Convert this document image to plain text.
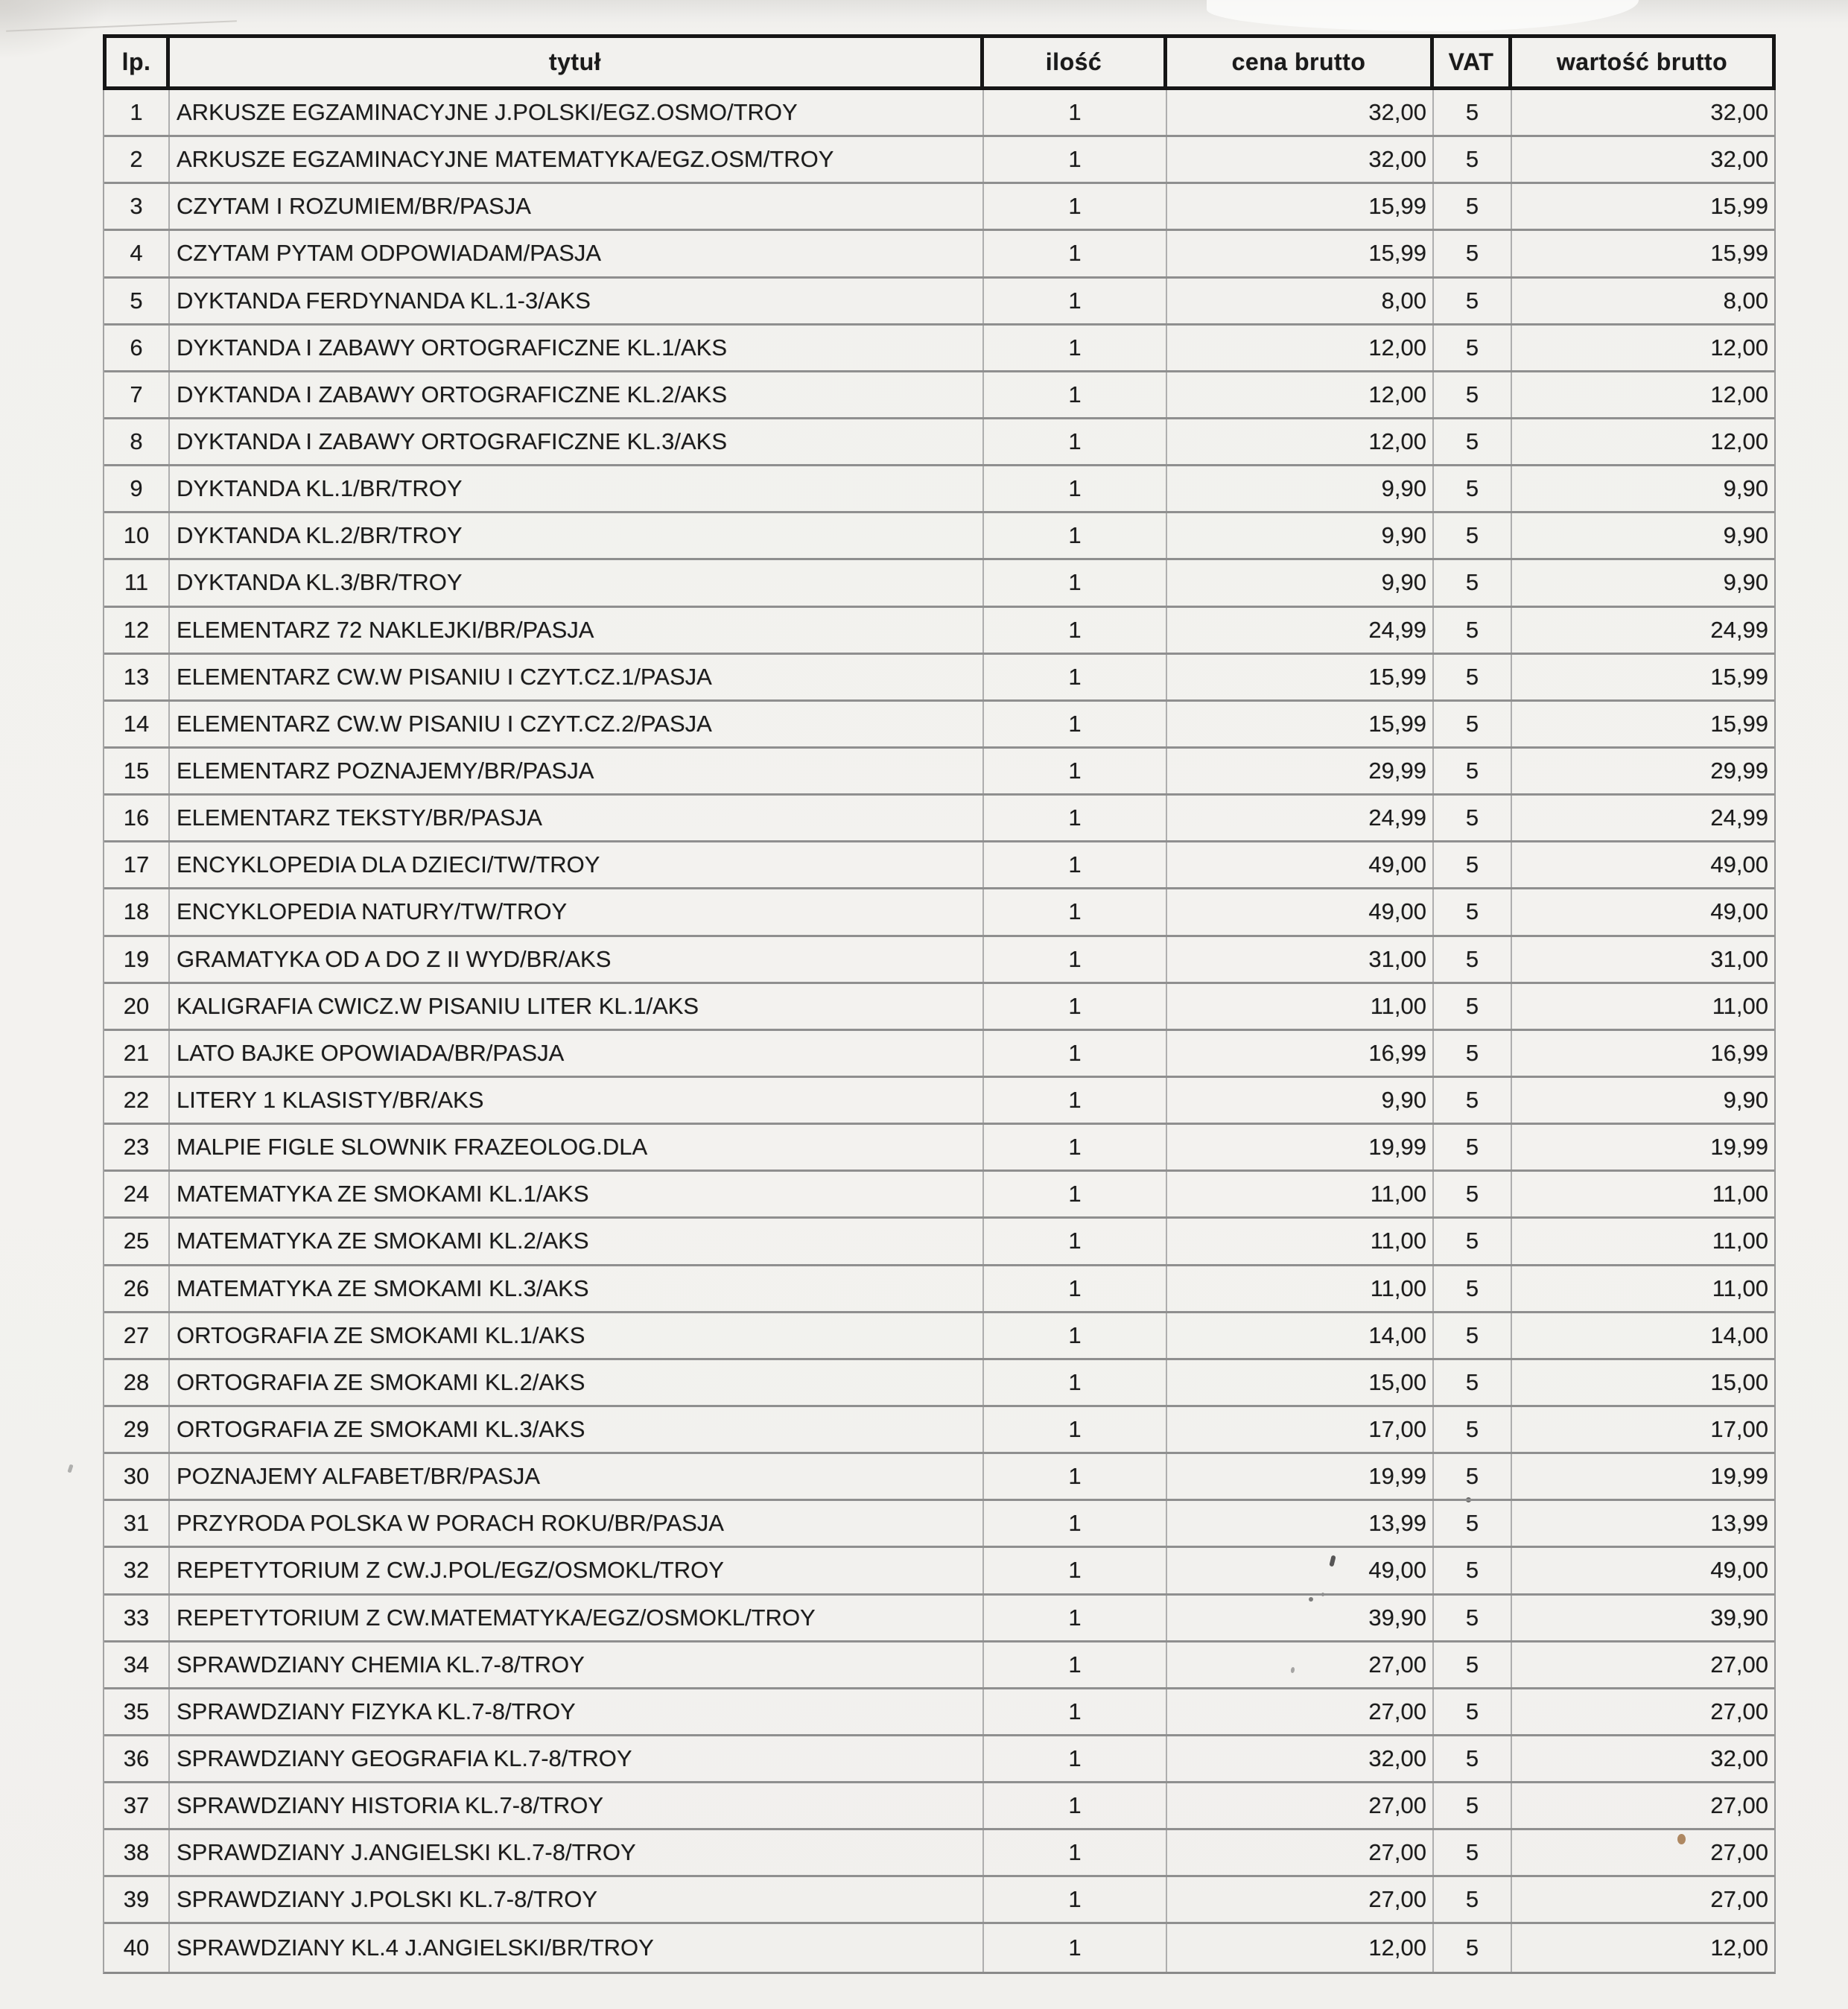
lp.	tytuł	ilość	cena brutto	VAT	wartość brutto
1	ARKUSZE EGZAMINACYJNE J.POLSKI/EGZ.OSMO/TROY	1	32,00	5	32,00
2	ARKUSZE EGZAMINACYJNE MATEMATYKA/EGZ.OSM/TROY	1	32,00	5	32,00
3	CZYTAM I ROZUMIEM/BR/PASJA	1	15,99	5	15,99
4	CZYTAM PYTAM ODPOWIADAM/PASJA	1	15,99	5	15,99
5	DYKTANDA FERDYNANDA KL.1-3/AKS	1	8,00	5	8,00
6	DYKTANDA I ZABAWY ORTOGRAFICZNE KL.1/AKS	1	12,00	5	12,00
7	DYKTANDA I ZABAWY ORTOGRAFICZNE KL.2/AKS	1	12,00	5	12,00
8	DYKTANDA I ZABAWY ORTOGRAFICZNE KL.3/AKS	1	12,00	5	12,00
9	DYKTANDA KL.1/BR/TROY	1	9,90	5	9,90
10	DYKTANDA KL.2/BR/TROY	1	9,90	5	9,90
11	DYKTANDA KL.3/BR/TROY	1	9,90	5	9,90
12	ELEMENTARZ 72 NAKLEJKI/BR/PASJA	1	24,99	5	24,99
13	ELEMENTARZ CW.W PISANIU I CZYT.CZ.1/PASJA	1	15,99	5	15,99
14	ELEMENTARZ CW.W PISANIU I CZYT.CZ.2/PASJA	1	15,99	5	15,99
15	ELEMENTARZ POZNAJEMY/BR/PASJA	1	29,99	5	29,99
16	ELEMENTARZ TEKSTY/BR/PASJA	1	24,99	5	24,99
17	ENCYKLOPEDIA DLA DZIECI/TW/TROY	1	49,00	5	49,00
18	ENCYKLOPEDIA NATURY/TW/TROY	1	49,00	5	49,00
19	GRAMATYKA OD A DO Z II WYD/BR/AKS	1	31,00	5	31,00
20	KALIGRAFIA CWICZ.W PISANIU LITER KL.1/AKS	1	11,00	5	11,00
21	LATO BAJKE OPOWIADA/BR/PASJA	1	16,99	5	16,99
22	LITERY 1 KLASISTY/BR/AKS	1	9,90	5	9,90
23	MALPIE FIGLE SLOWNIK FRAZEOLOG.DLA	1	19,99	5	19,99
24	MATEMATYKA ZE SMOKAMI KL.1/AKS	1	11,00	5	11,00
25	MATEMATYKA ZE SMOKAMI KL.2/AKS	1	11,00	5	11,00
26	MATEMATYKA ZE SMOKAMI KL.3/AKS	1	11,00	5	11,00
27	ORTOGRAFIA ZE SMOKAMI KL.1/AKS	1	14,00	5	14,00
28	ORTOGRAFIA ZE SMOKAMI KL.2/AKS	1	15,00	5	15,00
29	ORTOGRAFIA ZE SMOKAMI KL.3/AKS	1	17,00	5	17,00
30	POZNAJEMY ALFABET/BR/PASJA	1	19,99	5	19,99
31	PRZYRODA POLSKA W PORACH ROKU/BR/PASJA	1	13,99	5	13,99
32	REPETYTORIUM Z CW.J.POL/EGZ/OSMOKL/TROY	1	49,00	5	49,00
33	REPETYTORIUM Z CW.MATEMATYKA/EGZ/OSMOKL/TROY	1	39,90	5	39,90
34	SPRAWDZIANY CHEMIA KL.7-8/TROY	1	27,00	5	27,00
35	SPRAWDZIANY FIZYKA KL.7-8/TROY	1	27,00	5	27,00
36	SPRAWDZIANY GEOGRAFIA KL.7-8/TROY	1	32,00	5	32,00
37	SPRAWDZIANY HISTORIA KL.7-8/TROY	1	27,00	5	27,00
38	SPRAWDZIANY J.ANGIELSKI KL.7-8/TROY	1	27,00	5	27,00
39	SPRAWDZIANY J.POLSKI KL.7-8/TROY	1	27,00	5	27,00
40	SPRAWDZIANY KL.4 J.ANGIELSKI/BR/TROY	1	12,00	5	12,00
